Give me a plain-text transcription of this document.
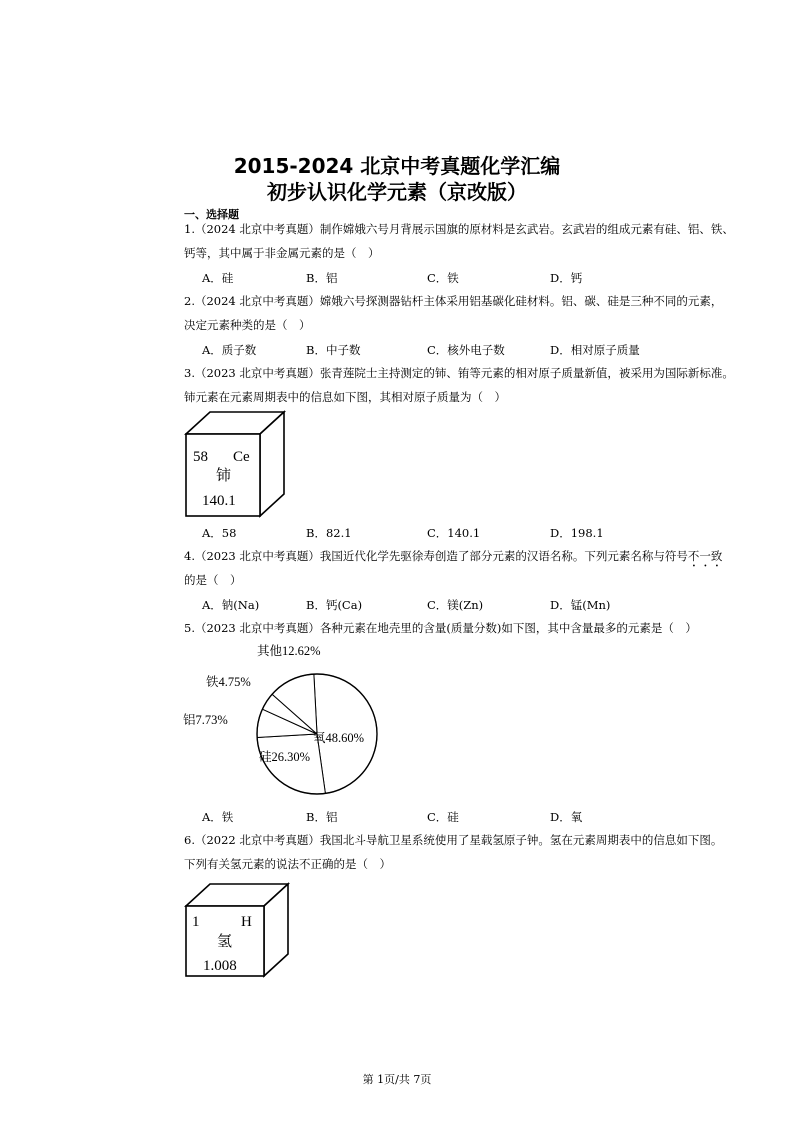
2015-2024 北京中考真题化学汇编
初步认识化学元素（京改版）
一、选择题
1.（2024 北京中考真题）制作嫦娥六号月背展示国旗的原材料是玄武岩。玄武岩的组成元素有硅、铝、铁、
钙等，其中属于非金属元素的是（　）
A．硅	B．铝	C．铁	D．钙
2.（2024 北京中考真题）嫦娥六号探测器钻杆主体采用铝基碳化硅材料。铝、碳、硅是三种不同的元素，
决定元素种类的是（　）
A．质子数	B．中子数	C．核外电子数	D．相对原子质量
3.（2023 北京中考真题）张青莲院士主持测定的铈、铕等元素的相对原子质量新值，被采用为国际新标准。
铈元素在元素周期表中的信息如下图，其相对原子质量为（　）
58 Ce
铈
140.1
A．58	B．82.1	C．140.1	D．198.1
4.（2023 北京中考真题）我国近代化学先驱徐寿创造了部分元素的汉语名称。下列元素名称与符号不一致
的是（　）
A．钠(Na)	B．钙(Ca)	C．镁(Zn)	D．锰(Mn)
5.（2023 北京中考真题）各种元素在地壳里的含量(质量分数)如下图，其中含量最多的元素是（　）
其他12.62%
铁4.75%
铝7.73%
硅26.30%
氧48.60%
A．铁	B．铝	C．硅	D．氧
6.（2022 北京中考真题）我国北斗导航卫星系统使用了星载氢原子钟。氢在元素周期表中的信息如下图。
下列有关氢元素的说法不正确的是（　）
1	H
氢
1.008
第 1页/共 7页
